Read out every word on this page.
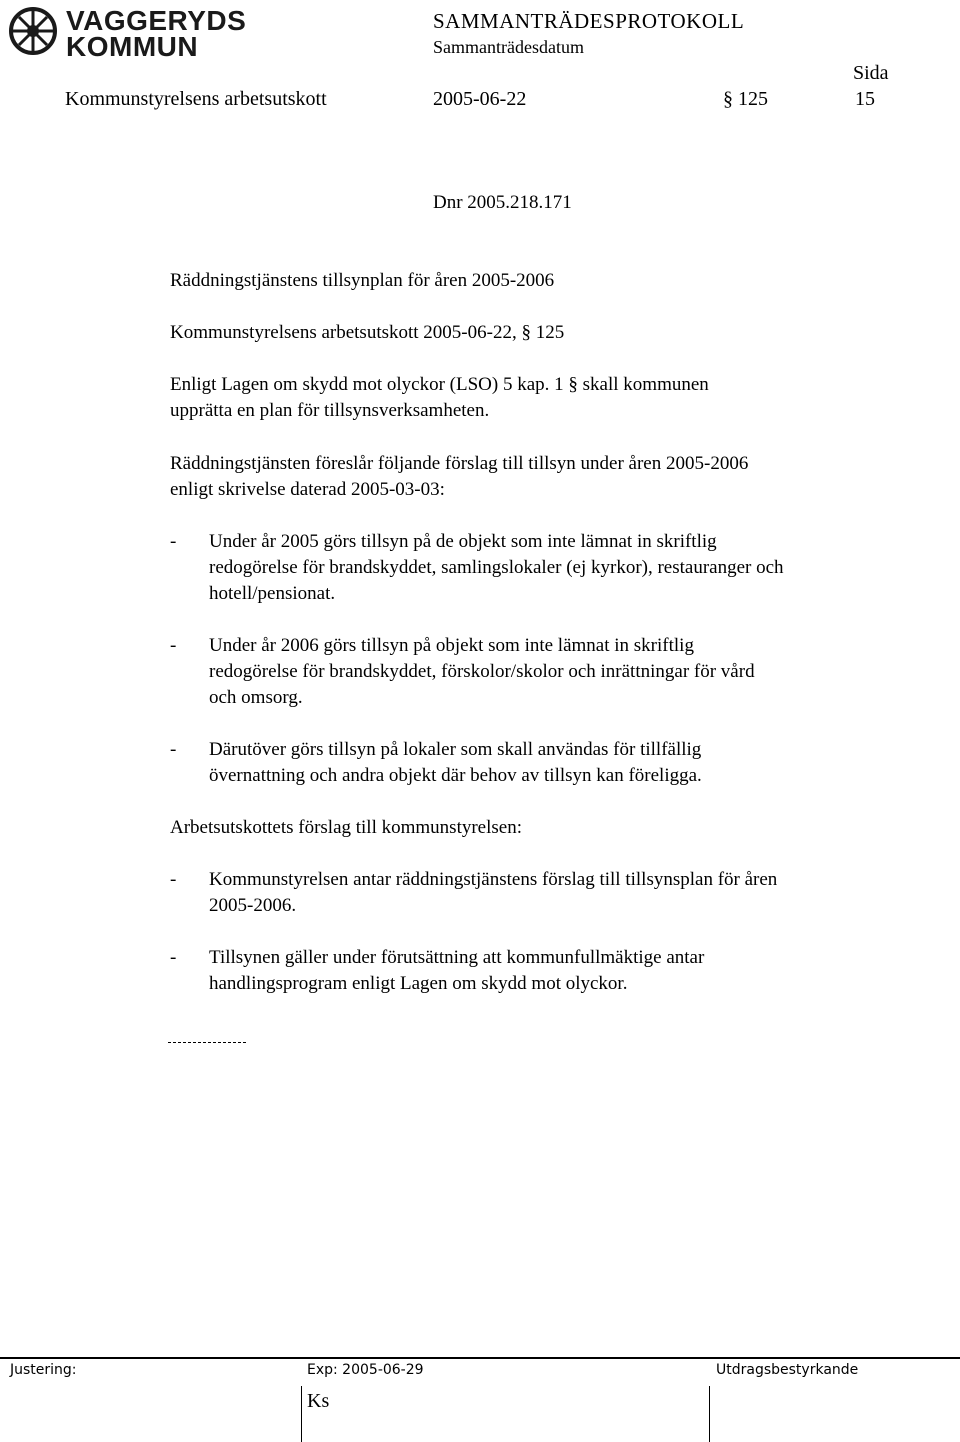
VAGGERYDS
KOMMUN
SAMMANTRÄDESPROTOKOLL
Sammanträdesdatum
Sida
Kommunstyrelsens arbetsutskott	2005-06-22	§ 125	15
Dnr 2005.218.171
Räddningstjänstens tillsynplan för åren 2005-2006
Kommunstyrelsens arbetsutskott 2005-06-22, § 125
Enligt Lagen om skydd mot olyckor (LSO) 5 kap. 1 § skall kommunen
upprätta en plan för tillsynsverksamheten.
Räddningstjänsten föreslår följande förslag till tillsyn under åren 2005-2006
enligt skrivelse daterad 2005-03-03:
- Under år 2005 görs tillsyn på de objekt som inte lämnat in skriftlig
redogörelse för brandskyddet, samlingslokaler (ej kyrkor), restauranger och
hotell/pensionat.
- Under år 2006 görs tillsyn på objekt som inte lämnat in skriftlig
redogörelse för brandskyddet, förskolor/skolor och inrättningar för vård
och omsorg.
- Därutöver görs tillsyn på lokaler som skall användas för tillfällig
övernattning och andra objekt där behov av tillsyn kan föreligga.
Arbetsutskottets förslag till kommunstyrelsen:
- Kommunstyrelsen antar räddningstjänstens förslag till tillsynsplan för åren
2005-2006.
- Tillsynen gäller under förutsättning att kommunfullmäktige antar
handlingsprogram enligt Lagen om skydd mot olyckor.
Justering:	Exp: 2005-06-29	Utdragsbestyrkande
Ks
